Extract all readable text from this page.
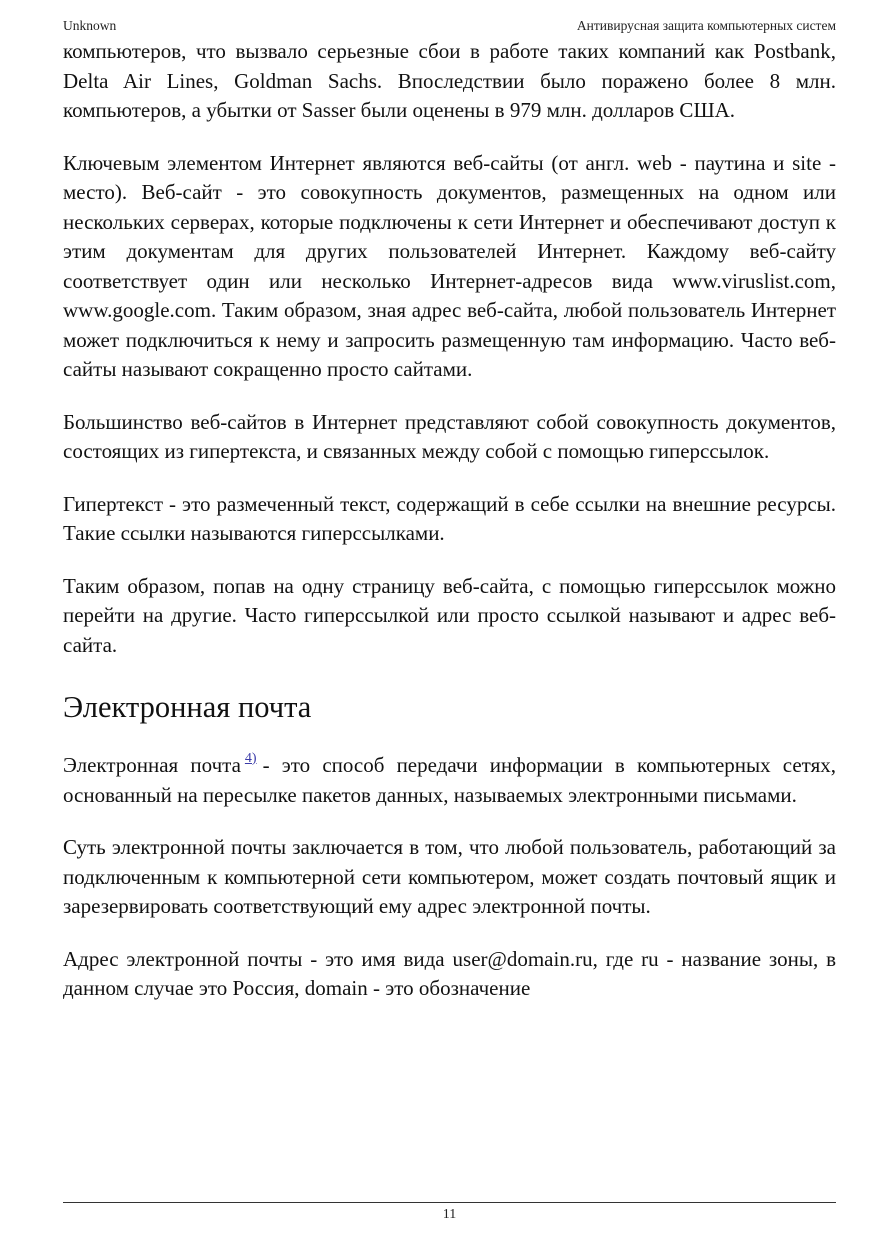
Unknown	Антивирусная защита компьютерных систем

компьютеров, что вызвало серьезные сбои в работе таких компаний как Postbank, Delta Air Lines, Goldman Sachs. Впоследствии было поражено более 8 млн. компьютеров, а убытки от Sasser были оценены в 979 млн. долларов США.

Ключевым элементом Интернет являются веб-сайты (от англ. web - паутина и site - место). Веб-сайт - это совокупность документов, размещенных на одном или нескольких серверах, которые подключены к сети Интернет и обеспечивают доступ к этим документам для других пользователей Интернет. Каждому веб-сайту соответствует один или несколько Интернет-адресов вида www.viruslist.com, www.google.com. Таким образом, зная адрес веб-сайта, любой пользователь Интернет может подключиться к нему и запросить размещенную там информацию. Часто веб-сайты называют сокращенно просто сайтами.

Большинство веб-сайтов в Интернет представляют собой совокупность документов, состоящих из гипертекста, и связанных между собой с помощью гиперссылок.

Гипертекст - это размеченный текст, содержащий в себе ссылки на внешние ресурсы. Такие ссылки называются гиперссылками.

Таким образом, попав на одну страницу веб-сайта, с помощью гиперссылок можно перейти на другие. Часто гиперссылкой или просто ссылкой называют и адрес веб-сайта.

Электронная почта

Электронная почта $^{4)}$ - это способ передачи информации в компьютерных сетях, основанный на пересылке пакетов данных, называемых электронными письмами.

Суть электронной почты заключается в том, что любой пользователь, работающий за подключенным к компьютерной сети компьютером, может создать почтовый ящик и зарезервировать соответствующий ему адрес электронной почты.

Адрес электронной почты - это имя вида user@domain.ru, где ru - название зоны, в данном случае это Россия, domain - это обозначение

11
